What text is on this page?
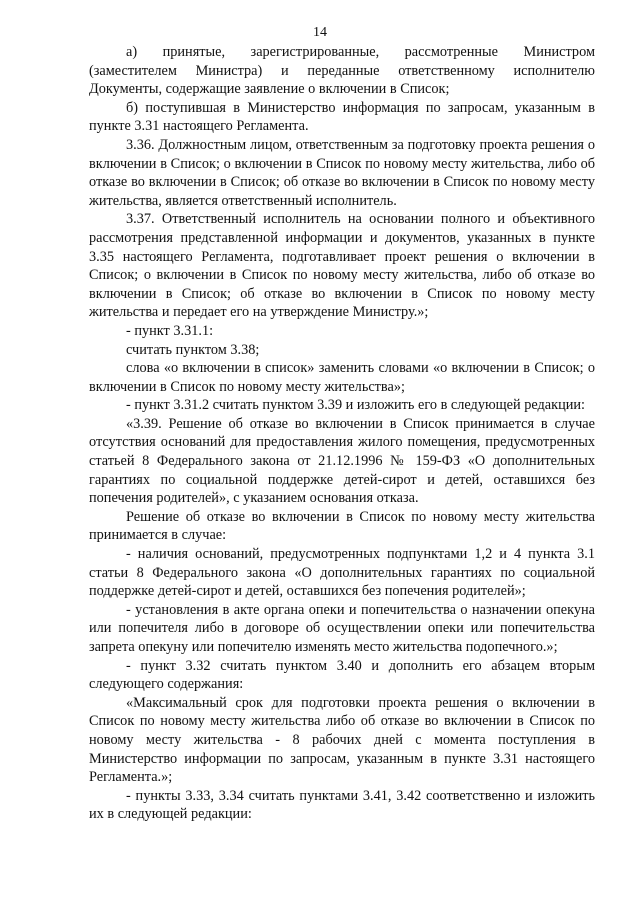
14

а) принятые, зарегистрированные, рассмотренные Министром (заместителем Министра) и переданные ответственному исполнителю Документы, содержащие заявление о включении в Список;

б) поступившая в Министерство информация по запросам, указанным в пункте 3.31 настоящего Регламента.

3.36. Должностным лицом, ответственным за подготовку проекта решения о включении в Список; о включении в Список по новому месту жительства, либо об отказе во включении в Список; об отказе во включении в Список по новому месту жительства, является ответственный исполнитель.

3.37. Ответственный исполнитель на основании полного и объективного рассмотрения представленной информации и документов, указанных в пункте 3.35 настоящего Регламента, подготавливает проект решения о включении в Список; о включении в Список по новому месту жительства, либо об отказе во включении в Список; об отказе во включении в Список по новому месту жительства и передает его на утверждение Министру.»;

- пункт 3.31.1:

считать пунктом 3.38;

слова «о включении в список» заменить словами «о включении в Список; о включении в Список по новому месту жительства»;

- пункт 3.31.2 считать пунктом 3.39 и изложить его в следующей редакции:

«3.39. Решение об отказе во включении в Список принимается в случае отсутствия оснований для предоставления жилого помещения, предусмотренных статьей 8 Федерального закона от 21.12.1996 № 159-ФЗ «О дополнительных гарантиях по социальной поддержке детей-сирот и детей, оставшихся без попечения родителей», с указанием основания отказа.

Решение об отказе во включении в Список по новому месту жительства принимается в случае:

- наличия оснований, предусмотренных подпунктами 1,2 и 4 пункта 3.1 статьи 8 Федерального закона «О дополнительных гарантиях по социальной поддержке детей-сирот и детей, оставшихся без попечения родителей»;

- установления в акте органа опеки и попечительства о назначении опекуна или попечителя либо в договоре об осуществлении опеки или попечительства запрета опекуну или попечителю изменять место жительства подопечного.»;

- пункт 3.32 считать пунктом 3.40 и дополнить его абзацем вторым следующего содержания:

«Максимальный срок для подготовки проекта решения о включении в Список по новому месту жительства либо об отказе во включении в Список по новому месту жительства - 8 рабочих дней с момента поступления в Министерство информации по запросам, указанным в пункте 3.31 настоящего Регламента.»;

- пункты 3.33, 3.34 считать пунктами 3.41, 3.42 соответственно и изложить их в следующей редакции:
